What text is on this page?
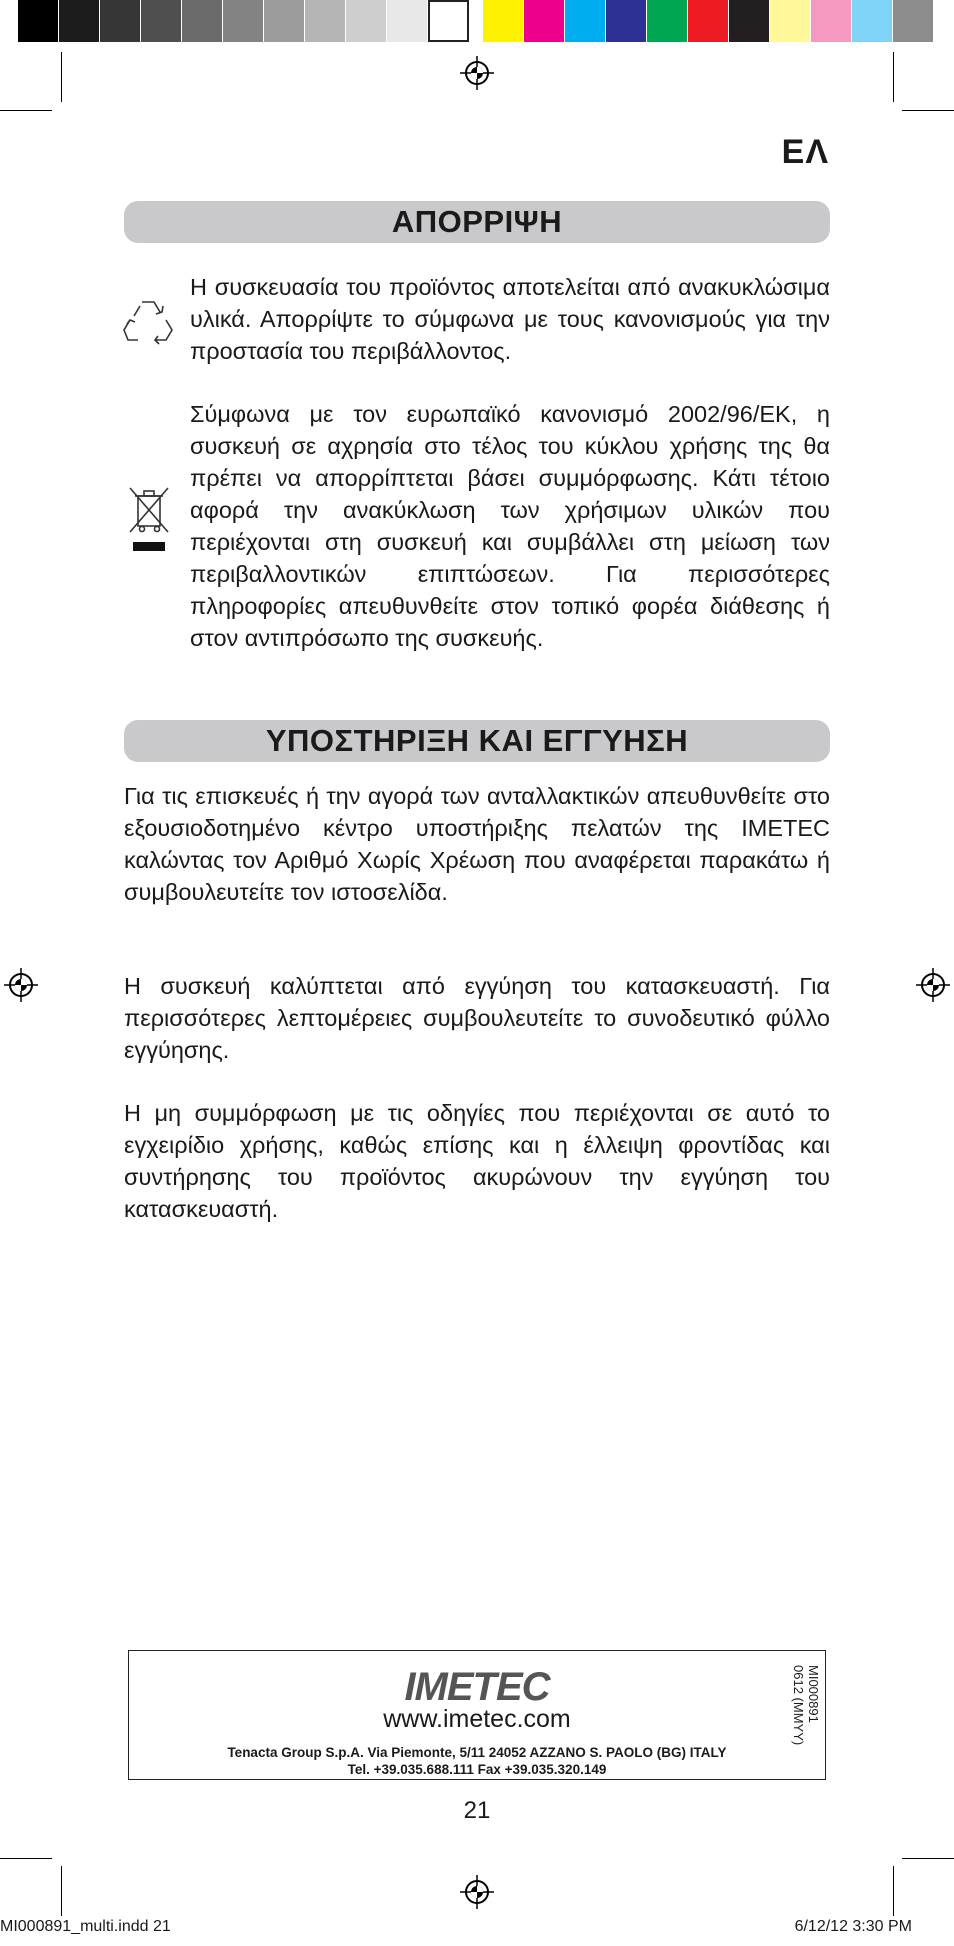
ΕΛ
ΑΠΟΡΡΙΨΗ
Η συσκευασία του προϊόντος αποτελείται από ανακυκλώσιμα υλικά. Απορρίψτε το σύμφωνα με τους κανονισμούς για την προστασία του περιβάλλοντος.
Σύμφωνα με τον ευρωπαϊκό κανονισμό 2002/96/ΕΚ, η συσκευή σε αχρησία στο τέλος του κύκλου χρήσης της θα πρέπει να απορρίπτεται βάσει συμμόρφωσης. Κάτι τέτοιο αφορά την ανακύκλωση των χρήσιμων υλικών που περιέχονται στη συσκευή και συμβάλλει στη μείωση των περιβαλλοντικών επιπτώσεων. Για περισσότερες πληροφορίες απευθυνθείτε στον τοπικό φορέα διάθεσης ή στον αντιπρόσωπο της συσκευής.
ΥΠΟΣΤΗΡΙΞΗ ΚΑΙ ΕΓΓΥΗΣΗ
Για τις επισκευές ή την αγορά των ανταλλακτικών απευθυνθείτε στο εξουσιοδοτημένο κέντρο υποστήριξης πελατών της IMETEC καλώντας τον Αριθμό Χωρίς Χρέωση που αναφέρεται παρακάτω ή συμβουλευτείτε τον ιστοσελίδα.
Η συσκευή καλύπτεται από εγγύηση του κατασκευαστή. Για περισσότερες λεπτομέρειες συμβουλευτείτε το συνοδευτικό φύλλο εγγύησης.
Η μη συμμόρφωση με τις οδηγίες που περιέχονται σε αυτό το εγχειρίδιο χρήσης, καθώς επίσης και η έλλειψη φροντίδας και συντήρησης του προϊόντος ακυρώνουν την εγγύηση του κατασκευαστή.
IMETEC
www.imetec.com
Tenacta Group S.p.A. Via Piemonte, 5/11 24052 AZZANO S. PAOLO (BG) ITALY
Tel. +39.035.688.111 Fax +39.035.320.149
MI000891
0612 (MMYY)
21
MI000891_multi.indd 21	6/12/12 3:30 PM
